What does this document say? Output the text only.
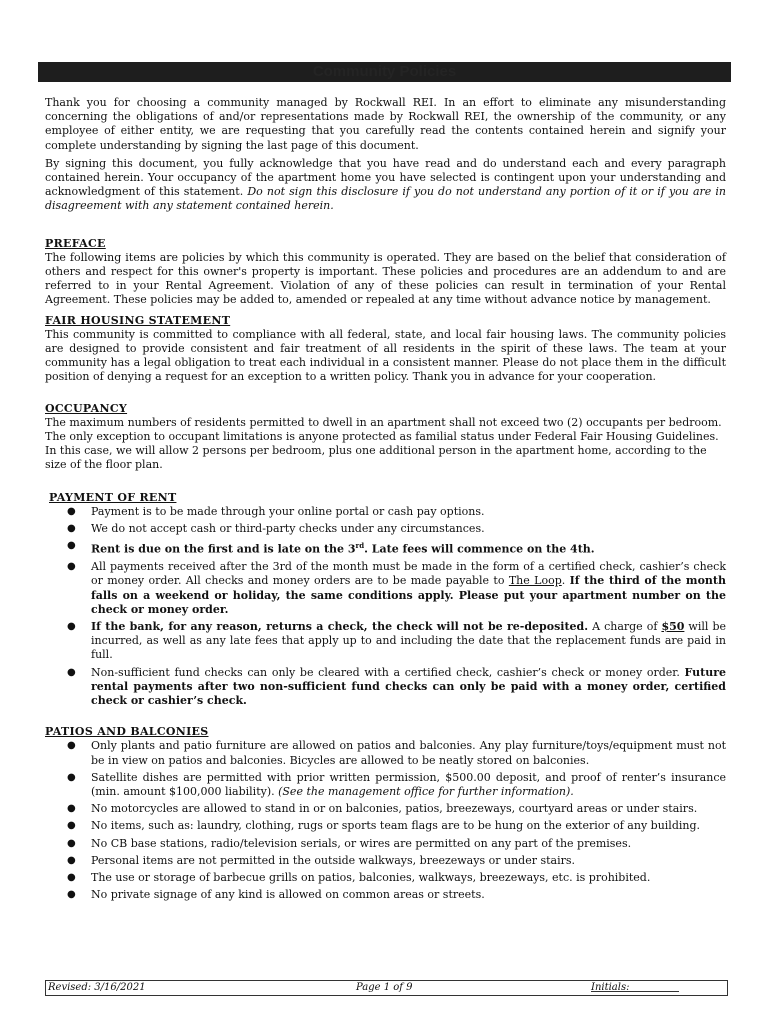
Community Policies

Thank you for choosing a community managed by Rockwall REI. In an effort to eliminate any misunderstanding concerning the obligations of and/or representations made by Rockwall REI, the ownership of the community, or any employee of either entity, we are requesting that you carefully read the contents contained herein and signify your complete understanding by signing the last page of this document.

By signing this document, you fully acknowledge that you have read and do understand each and every paragraph contained herein. Your occupancy of the apartment home you have selected is contingent upon your understanding and acknowledgment of this statement. Do not sign this disclosure if you do not understand any portion of it or if you are in disagreement with any statement contained herein.

PREFACE

The following items are policies by which this community is operated. They are based on the belief that consideration of others and respect for this owner's property is important. These policies and procedures are an addendum to and are referred to in your Rental Agreement. Violation of any of these policies can result in termination of your Rental Agreement. These policies may be added to, amended or repealed at any time without advance notice by management.

FAIR HOUSING STATEMENT

This community is committed to compliance with all federal, state, and local fair housing laws. The community policies are designed to provide consistent and fair treatment of all residents in the spirit of these laws. The team at your community has a legal obligation to treat each individual in a consistent manner. Please do not place them in the difficult position of denying a request for an exception to a written policy. Thank you in advance for your cooperation.

OCCUPANCY

The maximum numbers of residents permitted to dwell in an apartment shall not exceed two (2) occupants per bedroom. The only exception to occupant limitations is anyone protected as familial status under Federal Fair Housing Guidelines. In this case, we will allow 2 persons per bedroom, plus one additional person in the apartment home, according to the size of the floor plan.

PAYMENT OF RENT
● Payment is to be made through your online portal or cash pay options.
● We do not accept cash or third-party checks under any circumstances.
● Rent is due on the first and is late on the 3rd. Late fees will commence on the 4th.
● All payments received after the 3rd of the month must be made in the form of a certified check, cashier’s check or money order. All checks and money orders are to be made payable to The Loop. If the third of the month falls on a weekend or holiday, the same conditions apply. Please put your apartment number on the check or money order.
● If the bank, for any reason, returns a check, the check will not be re-deposited. A charge of $50 will be incurred, as well as any late fees that apply up to and including the date that the replacement funds are paid in full.
● Non-sufficient fund checks can only be cleared with a certified check, cashier’s check or money order. Future rental payments after two non-sufficient fund checks can only be paid with a money order, certified check or cashier’s check.
PATIOS AND BALCONIES
● Only plants and patio furniture are allowed on patios and balconies. Any play furniture/toys/equipment must not be in view on patios and balconies. Bicycles are allowed to be neatly stored on balconies.
● Satellite dishes are permitted with prior written permission, $500.00 deposit, and proof of renter’s insurance (min. amount $100,000 liability). (See the management office for further information).
● No motorcycles are allowed to stand in or on balconies, patios, breezeways, courtyard areas or under stairs.
● No items, such as: laundry, clothing, rugs or sports team flags are to be hung on the exterior of any building.
● No CB base stations, radio/television serials, or wires are permitted on any part of the premises.
● Personal items are not permitted in the outside walkways, breezeways or under stairs.
● The use or storage of barbecue grills on patios, balconies, walkways, breezeways, etc. is prohibited.
● No private signage of any kind is allowed on common areas or streets.
Revised: 3/16/2021	Page 1 of 9	Initials:
